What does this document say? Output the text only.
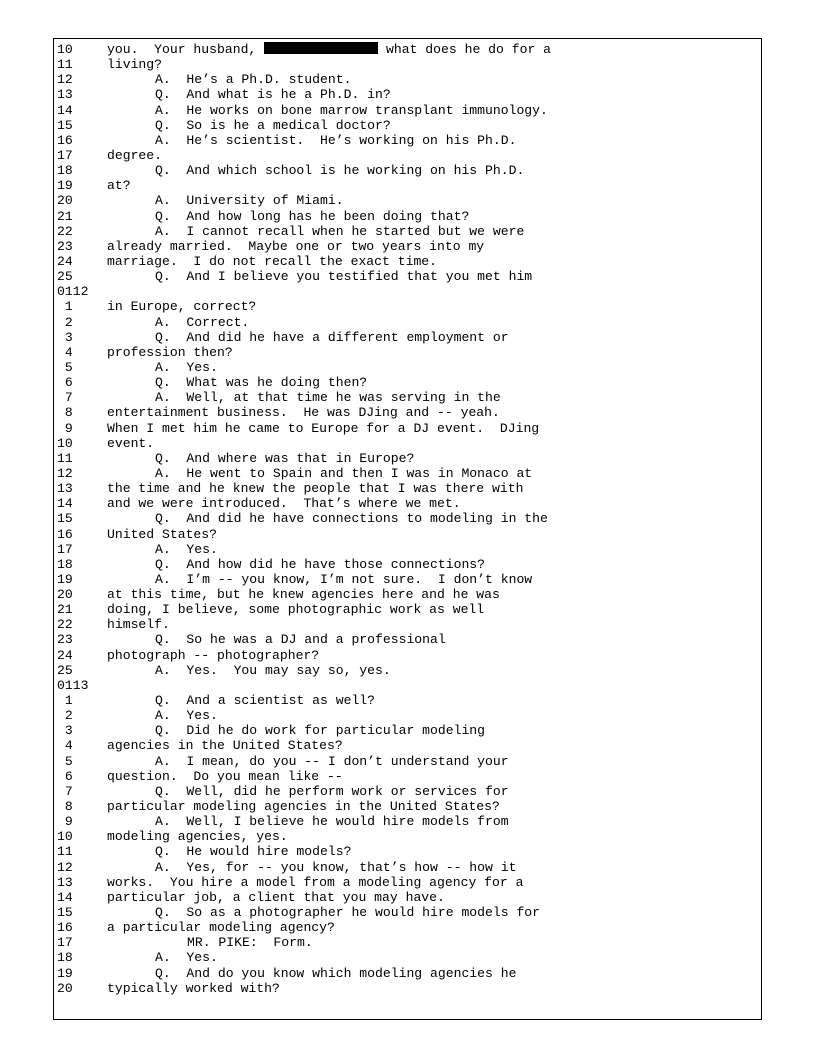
10	you.  Your husband,	what does he do for a
11	living?
12	A.  He’s a Ph.D. student.
13	Q.  And what is he a Ph.D. in?
14	A.  He works on bone marrow transplant immunology.
15	Q.  So is he a medical doctor?
16	A.  He’s scientist.  He’s working on his Ph.D.
17	degree.
18	Q.  And which school is he working on his Ph.D.
19	at?
20	A.  University of Miami.
21	Q.  And how long has he been doing that?
22	A.  I cannot recall when he started but we were
23	already married.  Maybe one or two years into my
24	marriage.  I do not recall the exact time.
25	Q.  And I believe you testified that you met him
0112
1	in Europe, correct?
2	A.  Correct.
3	Q.  And did he have a different employment or
4	profession then?
5	A.  Yes.
6	Q.  What was he doing then?
7	A.  Well, at that time he was serving in the
8	entertainment business.  He was DJing and -- yeah.
9	When I met him he came to Europe for a DJ event.  DJing
10	event.
11	Q.  And where was that in Europe?
12	A.  He went to Spain and then I was in Monaco at
13	the time and he knew the people that I was there with
14	and we were introduced.  That’s where we met.
15	Q.  And did he have connections to modeling in the
16	United States?
17	A.  Yes.
18	Q.  And how did he have those connections?
19	A.  I’m -- you know, I’m not sure.  I don’t know
20	at this time, but he knew agencies here and he was
21	doing, I believe, some photographic work as well
22	himself.
23	Q.  So he was a DJ and a professional
24	photograph -- photographer?
25	A.  Yes.  You may say so, yes.
0113
1	Q.  And a scientist as well?
2	A.  Yes.
3	Q.  Did he do work for particular modeling
4	agencies in the United States?
5	A.  I mean, do you -- I don’t understand your
6	question.  Do you mean like --
7	Q.  Well, did he perform work or services for
8	particular modeling agencies in the United States?
9	A.  Well, I believe he would hire models from
10	modeling agencies, yes.
11	Q.  He would hire models?
12	A.  Yes, for -- you know, that’s how -- how it
13	works.  You hire a model from a modeling agency for a
14	particular job, a client that you may have.
15	Q.  So as a photographer he would hire models for
16	a particular modeling agency?
17	MR. PIKE:  Form.
18	A.  Yes.
19	Q.  And do you know which modeling agencies he
20	typically worked with?
